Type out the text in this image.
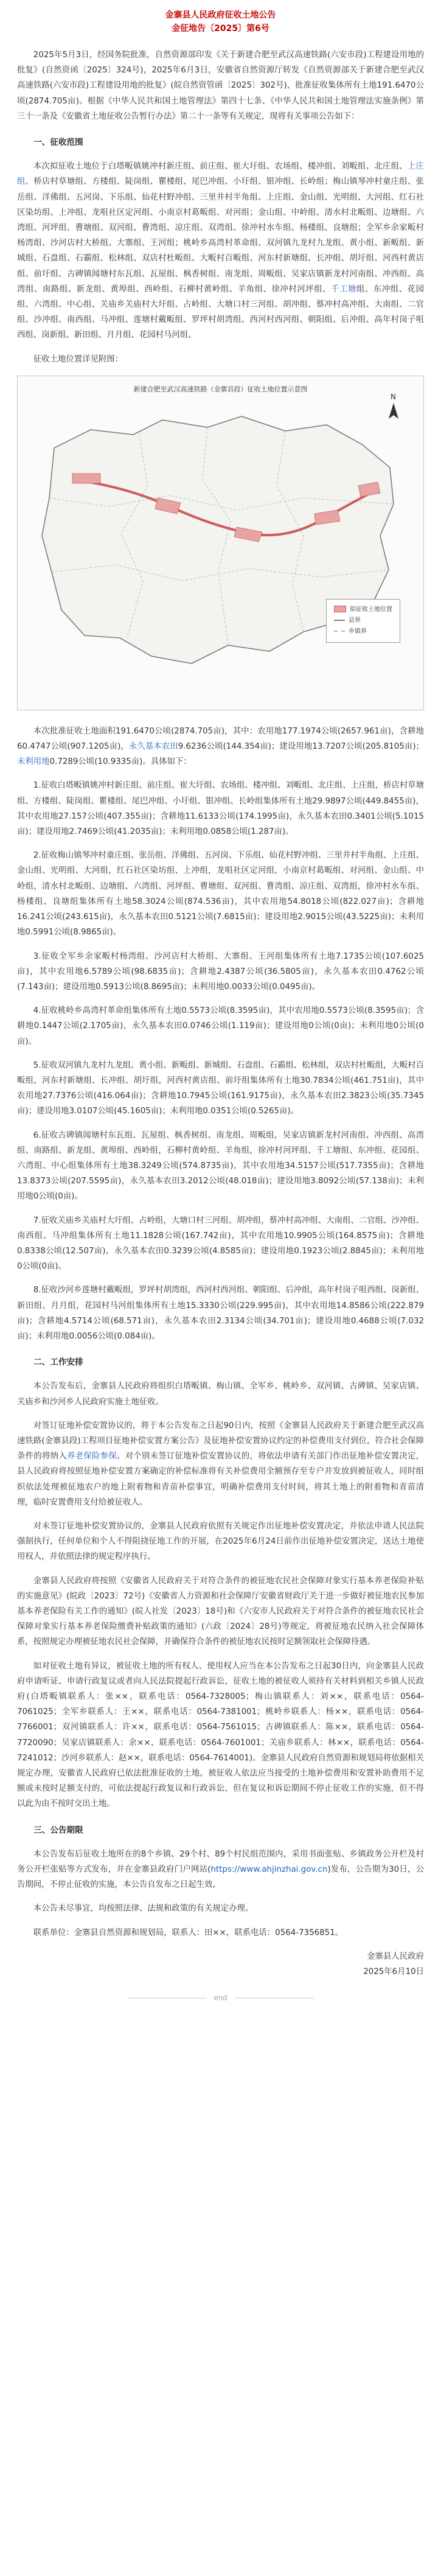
金寨县人民政府征收土地公告
金征地告〔2025〕第6号

2025年5月3日，经国务院批准，自然资源部印发《关于新建合肥至武汉高速铁路(六安市段)工程建设用地的批复》(自然资函〔2025〕324号)，2025年6月3日，安徽省自然资源厅转发《自然资源部关于新建合肥至武汉高速铁路(六安市段)工程建设用地的批复》(皖自然资管函〔2025〕302号)，批准征收集体所有土地191.6470公顷(2874.705亩)。根据《中华人民共和国土地管理法》第四十七条、《中华人民共和国土地管理法实施条例》第三十一条及《安徽省土地征收公告暂行办法》第二十一条等有关规定，现将有关事项公告如下：

一、征收范围

本次拟征收土地位于白塔畈镇姚冲村新庄组、前庄组、崔大圩组、农场组、楼冲组、刘畈组、北庄组、上庄组、桥店村草塘组、方楼组、陡岗组、瞿楼组、尾巴冲组、小圩组、银冲组、长岭组；梅山镇琴冲村童庄组、张岳组、洋佛组、五河岗、下乐组、仙花村野冲组、三里井村半角组、上庄组、金山组、光明组、大河组、红石社区染坊组、上冲组、龙咀社区定河组、小南京村葛畈组、对河组；金山组、中岭组、清水村北畈组、边塘组、六湾组、河坪组、曹塘组、双河组、曹湾组、凉庄组、双湾组、徐冲村水车组、杨楼组、良塘组；全军乡余家畈村杨湾组、沙河店村大桥组、大寨组、王河组；桃岭乡高湾村革命组、双河镇九龙村九龙组、黄小组、新畈组、新城组、石盘组、石霸组、松林组、双店村杜畈组、大畈村百畈组、河东村新塘组、长冲组、胡圩组、河西村黄店组、前圩组、古碑镇闻塘村东瓦组、瓦屋组、枫香树组、南龙组、周畈组、吴家店镇新龙村河南组、冲西组、高湾组、南路组、新龙组、黄埠组、西岭组、石柳村黄岭组、羊角组、徐冲村河坪组、千工塘组、东冲组、花园组、六湾组、中心组、关庙乡关庙村大圩组、占岭组、大塘口村三河组、胡冲组、蔡冲村高冲组、大南组、二官组、沙冲组、南西组、马冲组、莲塘村戴畈组、罗坪村胡湾组、西河村西河组、朝阳组、后冲组、高年村岗子咀西组、岗新组、新田组、月月组、花园村马河组、

征收土地位置详见附图：

N
新建合肥至武汉高速铁路（金寨县段）征收土地位置示意图
拟征收土地位置
县界
乡镇界

本次批准征收土地面积191.6470公顷(2874.705亩)，其中：农用地177.1974公顷(2657.961亩)，含耕地60.4747公顷(907.1205亩)，永久基本农田9.6236公顷(144.354亩)；建设用地13.7207公顷(205.8105亩)；未利用地0.7289公顷(10.9335亩)。具体如下：

1.征收白塔畈镇姚冲村新庄组、前庄组、崔大圩组、农场组、楼冲组、刘畈组、北庄组、上庄组，桥店村草塘组、方楼组、陡岗组、瞿楼组、尾巴冲组、小圩组、银冲组、长岭组集体所有土地29.9897公顷(449.8455亩)，其中农用地27.157公顷(407.355亩)；含耕地11.6133公顷(174.1995亩)，永久基本农田0.3401公顷(5.1015亩)；建设用地2.7469公顷(41.2035亩)；未利用地0.0858公顷(1.287亩)。

2.征收梅山镇琴冲村童庄组、张岳组、洋佛组、五河岗、下乐组、仙花村野冲组、三里井村半角组、上庄组、金山组、光明组、大河组，红石社区染坊组、上冲组，龙咀社区定河组，小南京村葛畈组、对河组、金山组、中岭组，清水村北畈组、边塘组、六湾组、河坪组、曹塘组、双河组、曹湾组、凉庄组、双湾组，徐冲村水车组、杨楼组、良塘组集体所有土地58.3024公顷(874.536亩)，其中农用地54.8018公顷(822.027亩)；含耕地16.241公顷(243.615亩)，永久基本农田0.5121公顷(7.6815亩)；建设用地2.9015公顷(43.5225亩)；未利用地0.5991公顷(8.9865亩)。

3.征收全军乡余家畈村杨湾组、沙河店村大桥组、大寨组、王河组集体所有土地7.1735公顷(107.6025亩)，其中农用地6.5789公顷(98.6835亩)；含耕地2.4387公顷(36.5805亩)，永久基本农田0.4762公顷(7.143亩)；建设用地0.5913公顷(8.8695亩)；未利用地0.0033公顷(0.0495亩)。

4.征收桃岭乡高湾村革命组集体所有土地0.5573公顷(8.3595亩)，其中农用地0.5573公顷(8.3595亩)；含耕地0.1447公顷(2.1705亩)，永久基本农田0.0746公顷(1.119亩)；建设用地0公顷(0亩)；未利用地0公顷(0亩)。

5.征收双河镇九龙村九龙组、黄小组、新畈组、新城组、石盘组、石霸组、松林组，双店村杜畈组，大畈村百畈组，河东村新塘组、长冲组、胡圩组，河西村黄店组、前圩组集体所有土地30.7834公顷(461.751亩)，其中农用地27.7376公顷(416.064亩)；含耕地10.7945公顷(161.9175亩)，永久基本农田2.3823公顷(35.7345亩)；建设用地3.0107公顷(45.1605亩)；未利用地0.0351公顷(0.5265亩)。

6.征收古碑镇闻塘村东瓦组、瓦屋组、枫香树组、南龙组、周畈组，吴家店镇新龙村河南组、冲西组、高湾组、南路组、新龙组、黄埠组、西岭组，石柳村黄岭组、羊角组，徐冲村河坪组、千工塘组、东冲组、花园组、六湾组、中心组集体所有土地38.3249公顷(574.8735亩)，其中农用地34.5157公顷(517.7355亩)；含耕地13.8373公顷(207.5595亩)，永久基本农田3.2012公顷(48.018亩)；建设用地3.8092公顷(57.138亩)；未利用地0公顷(0亩)。

7.征收关庙乡关庙村大圩组、占岭组，大塘口村三河组、胡冲组，蔡冲村高冲组、大南组、二官组、沙冲组、南西组、马冲组集体所有土地11.1828公顷(167.742亩)，其中农用地10.9905公顷(164.8575亩)；含耕地0.8338公顷(12.507亩)，永久基本农田0.3239公顷(4.8585亩)；建设用地0.1923公顷(2.8845亩)；未利用地0公顷(0亩)。

8.征收沙河乡莲塘村戴畈组，罗坪村胡湾组，西河村西河组、朝阳组、后冲组，高年村岗子咀西组、岗新组、新田组、月月组，花园村马河组集体所有土地15.3330公顷(229.995亩)，其中农用地14.8586公顷(222.879亩)；含耕地4.5714公顷(68.571亩)，永久基本农田2.3134公顷(34.701亩)；建设用地0.4688公顷(7.032亩)；未利用地0.0056公顷(0.084亩)。

二、工作安排

本公告发布后，金寨县人民政府将组织白塔畈镇、梅山镇、全军乡、桃岭乡、双河镇、古碑镇、吴家店镇、关庙乡和沙河乡人民政府实施土地征收。

对签订征地补偿安置协议的，将于本公告发布之日起90日内，按照《金寨县人民政府关于新建合肥至武汉高速铁路(金寨县段)工程项目征地补偿安置方案公告》及征地补偿安置协议约定的补偿费用支付到位，符合社会保障条件的将纳入养老保险参保。对个别未签订征地补偿安置协议的，将依法申请有关部门作出征地补偿安置决定，县人民政府将按照征地补偿安置方案确定的补偿标准将有关补偿费用全额预存至专户并发放到被征收人，同时组织依法处理被征地农户的地上附着物和青苗补偿事宜，明确补偿费用支付时间，将其土地上的附着物和青苗清理，临时安置费用支付给被征收人。

对未签订征地补偿安置协议的，金寨县人民政府依照有关规定作出征地补偿安置决定，并依法申请人民法院强制执行，任何单位和个人不得阻挠征地工作的开展，在2025年6月24日前作出征地补偿安置决定，送达土地使用权人，并依照法律的规定程序执行。

金寨县人民政府将按照《安徽省人民政府关于对符合条件的被征地农民社会保障对象实行基本养老保险补贴的实施意见》(皖政〔2023〕72号)《安徽省人力资源和社会保障厅安徽省财政厅关于进一步做好被征地农民参加基本养老保险有关工作的通知》(皖人社发〔2023〕18号)和《六安市人民政府关于对符合条件的被征地农民社会保障对象实行基本养老保险缴费补贴政策的通知》(六政〔2024〕28号)等规定，将被征地农民纳入社会保障体系，按照规定办理被征地农民社会保障，并确保符合条件的被征地农民按时足额领取社会保障待遇。

如对征收土地有异议，被征收土地的所有权人、使用权人应当在本公告发布之日起30日内，向金寨县人民政府申请听证、申请行政复议或者向人民法院提起行政诉讼，征收土地的被征收人须持有关材料到相关乡镇人民政府(白塔畈镇联系人：张××，联系电话：0564-7328005；梅山镇联系人：刘××，联系电话：0564-7061025；全军乡联系人：王××，联系电话：0564-7381001；桃岭乡联系人：杨××，联系电话：0564-7766001；双河镇联系人：许××，联系电话：0564-7561015；古碑镇联系人：陈××，联系电话：0564-7720090；吴家店镇联系人：余××，联系电话：0564-7601001；关庙乡联系人：林××，联系电话：0564-7241012；沙河乡联系人：赵××，联系电话：0564-7614001)。金寨县人民政府自然资源和规划局将依据相关规定办理，安徽省人民政府已依法批准征收的土地，被征收人依法应当接受的土地补偿费用和安置补助费用不足额或未按时足额支付的，可依法提起行政复议和行政诉讼，但在复议和诉讼期间不停止征收工作的实施，但不得以此为由不按时交出土地。

三、公告期限

本公告发布后征收土地所在的8个乡镇、29个村、89个村民组范围内，采用书面张贴、乡镇政务公开栏及村务公开栏张贴等方式发布，并在金寨县政府门户网站(https://www.ahjinzhai.gov.cn)发布，公告期为30日，公告期间，不停止征收的实施，本公告自发布之日起生效。

本公告未尽事宜，均按照法律、法规和政策的有关规定办理。

联系单位：金寨县自然资源和规划局，联系人：田××，联系电话：0564-7356851。

金寨县人民政府

2025年6月10日

end
